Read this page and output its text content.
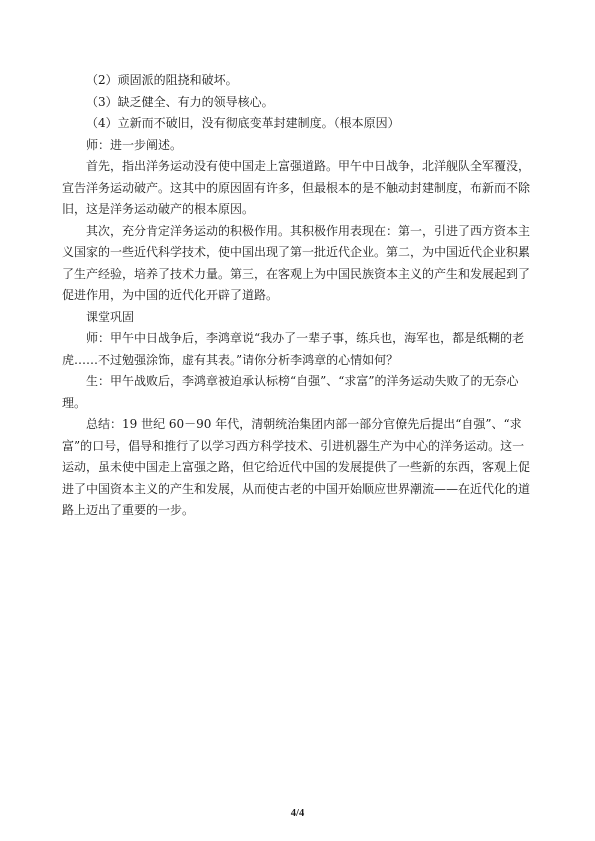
（2）顽固派的阻挠和破坏。

（3）缺乏健全、有力的领导核心。

（4）立新而不破旧，没有彻底变革封建制度。（根本原因）

师：进一步阐述。

首先，指出洋务运动没有使中国走上富强道路。甲午中日战争，北洋舰队全军覆没，宣告洋务运动破产。这其中的原因固有许多，但最根本的是不触动封建制度，布新而不除旧，这是洋务运动破产的根本原因。

其次，充分肯定洋务运动的积极作用。其积极作用表现在：第一，引进了西方资本主义国家的一些近代科学技术，使中国出现了第一批近代企业。第二，为中国近代企业积累了生产经验，培养了技术力量。第三，在客观上为中国民族资本主义的产生和发展起到了促进作用，为中国的近代化开辟了道路。

课堂巩固

师：甲午中日战争后，李鸿章说“我办了一辈子事，练兵也，海军也，都是纸糊的老虎……不过勉强涂饰，虚有其表。”请你分析李鸿章的心情如何？

生：甲午战败后，李鸿章被迫承认标榜“自强”、“求富”的洋务运动失败了的无奈心理。

总结：19 世纪 60－90 年代，清朝统治集团内部一部分官僚先后提出“自强”、“求富”的口号，倡导和推行了以学习西方科学技术、引进机器生产为中心的洋务运动。这一运动，虽未使中国走上富强之路，但它给近代中国的发展提供了一些新的东西，客观上促进了中国资本主义的产生和发展，从而使古老的中国开始顺应世界潮流——在近代化的道路上迈出了重要的一步。

4/4
